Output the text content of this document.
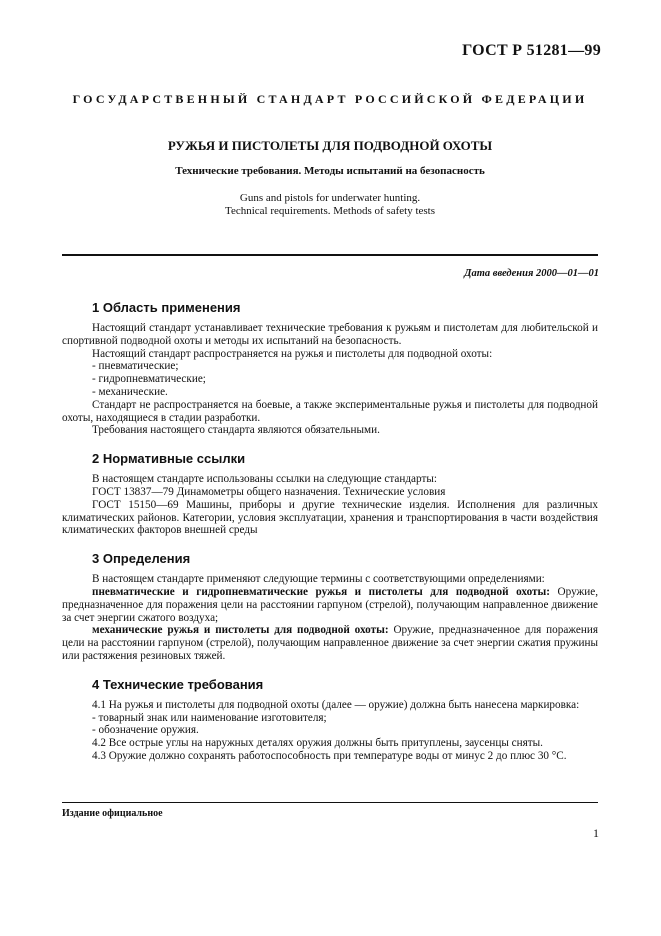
ГОСТ Р 51281—99
ГОСУДАРСТВЕННЫЙ СТАНДАРТ РОССИЙСКОЙ ФЕДЕРАЦИИ
РУЖЬЯ И ПИСТОЛЕТЫ ДЛЯ ПОДВОДНОЙ ОХОТЫ
Технические требования. Методы испытаний на безопасность
Guns and pistols for underwater hunting.
Technical requirements. Methods of safety tests
Дата введения 2000—01—01
1 Область применения

Настоящий стандарт устанавливает технические требования к ружьям и пистолетам для любительской и спортивной подводной охоты и методы их испытаний на безопасность.

Настоящий стандарт распространяется на ружья и пистолеты для подводной охоты:

- пневматические;

- гидропневматические;

- механические.

Стандарт не распространяется на боевые, а также экспериментальные ружья и пистолеты для подводной охоты, находящиеся в стадии разработки.

Требования настоящего стандарта являются обязательными.

2 Нормативные ссылки

В настоящем стандарте использованы ссылки на следующие стандарты:

ГОСТ 13837—79 Динамометры общего назначения. Технические условия

ГОСТ 15150—69 Машины, приборы и другие технические изделия. Исполнения для различных климатических районов. Категории, условия эксплуатации, хранения и транспортирования в части воздействия климатических факторов внешней среды

3 Определения

В настоящем стандарте применяют следующие термины с соответствующими определениями:

пневматические и гидропневматические ружья и пистолеты для подводной охоты: Оружие, предназначенное для поражения цели на расстоянии гарпуном (стрелой), получающим направленное движение за счет энергии сжатого воздуха;

механические ружья и пистолеты для подводной охоты: Оружие, предназначенное для поражения цели на расстоянии гарпуном (стрелой), получающим направленное движение за счет энергии сжатия пружины или растяжения резиновых тяжей.

4 Технические требования

4.1 На ружья и пистолеты для подводной охоты (далее — оружие) должна быть нанесена маркировка:

- товарный знак или наименование изготовителя;

- обозначение оружия.

4.2 Все острые углы на наружных деталях оружия должны быть притуплены, заусенцы сняты.

4.3 Оружие должно сохранять работоспособность при температуре воды от минус 2 до плюс 30 °С.

Издание официальное
1
